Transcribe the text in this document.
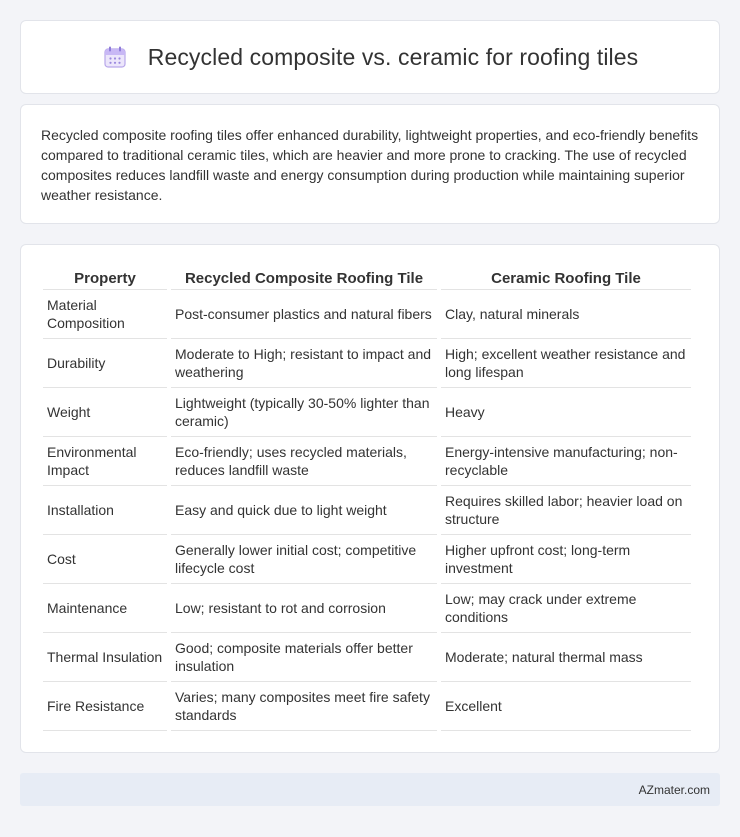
Recycled composite vs. ceramic for roofing tiles

Recycled composite roofing tiles offer enhanced durability, lightweight properties, and eco-friendly benefits compared to traditional ceramic tiles, which are heavier and more prone to cracking. The use of recycled composites reduces landfill waste and energy consumption during production while maintaining superior weather resistance.

Property	Recycled Composite Roofing Tile	Ceramic Roofing Tile
Material Composition	Post-consumer plastics and natural fibers	Clay, natural minerals
Durability	Moderate to High; resistant to impact and weathering	High; excellent weather resistance and long lifespan
Weight	Lightweight (typically 30-50% lighter than ceramic)	Heavy
Environmental Impact	Eco-friendly; uses recycled materials, reduces landfill waste	Energy-intensive manufacturing; non-recyclable
Installation	Easy and quick due to light weight	Requires skilled labor; heavier load on structure
Cost	Generally lower initial cost; competitive lifecycle cost	Higher upfront cost; long-term investment
Maintenance	Low; resistant to rot and corrosion	Low; may crack under extreme conditions
Thermal Insulation	Good; composite materials offer better insulation	Moderate; natural thermal mass
Fire Resistance	Varies; many composites meet fire safety standards	Excellent
AZmater.com
